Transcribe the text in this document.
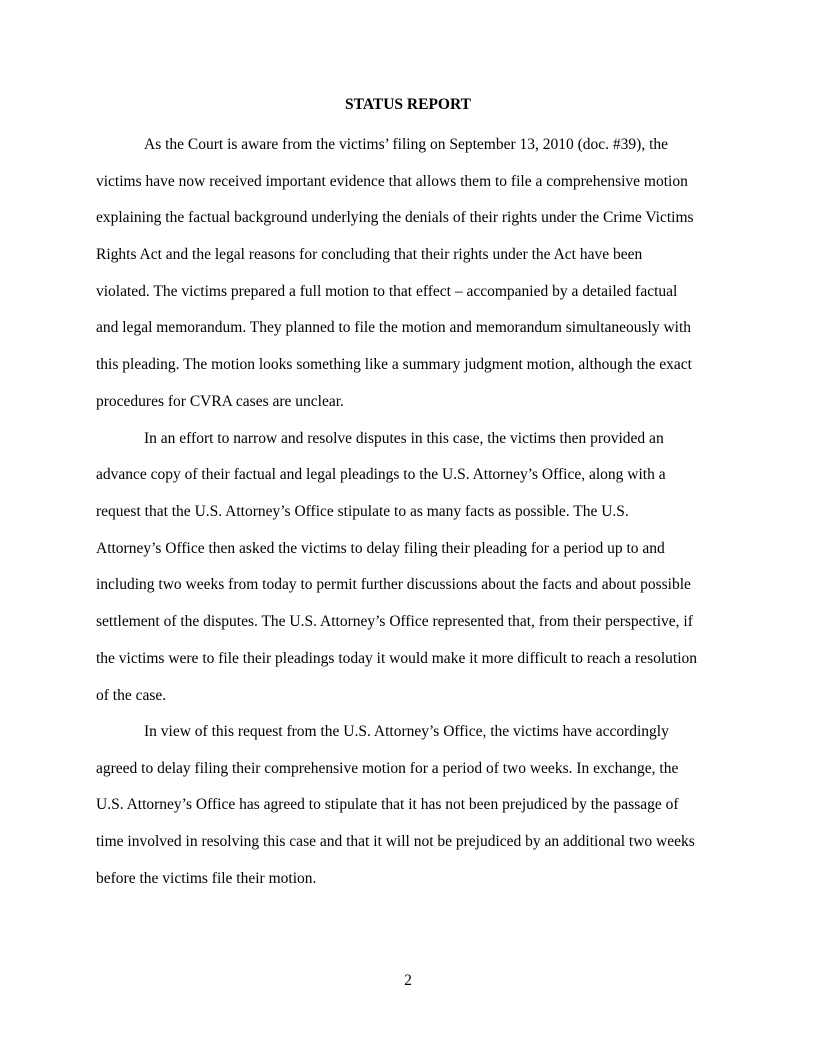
STATUS REPORT
As the Court is aware from the victims’ filing on September 13, 2010 (doc. #39), the
victims have now received important evidence that allows them to file a comprehensive motion
explaining the factual background underlying the denials of their rights under the Crime Victims
Rights Act and the legal reasons for concluding that their rights under the Act have been
violated. The victims prepared a full motion to that effect – accompanied by a detailed factual
and legal memorandum. They planned to file the motion and memorandum simultaneously with
this pleading. The motion looks something like a summary judgment motion, although the exact
procedures for CVRA cases are unclear.
In an effort to narrow and resolve disputes in this case, the victims then provided an
advance copy of their factual and legal pleadings to the U.S. Attorney’s Office, along with a
request that the U.S. Attorney’s Office stipulate to as many facts as possible. The U.S.
Attorney’s Office then asked the victims to delay filing their pleading for a period up to and
including two weeks from today to permit further discussions about the facts and about possible
settlement of the disputes. The U.S. Attorney’s Office represented that, from their perspective, if
the victims were to file their pleadings today it would make it more difficult to reach a resolution
of the case.
In view of this request from the U.S. Attorney’s Office, the victims have accordingly
agreed to delay filing their comprehensive motion for a period of two weeks. In exchange, the
U.S. Attorney’s Office has agreed to stipulate that it has not been prejudiced by the passage of
time involved in resolving this case and that it will not be prejudiced by an additional two weeks
before the victims file their motion.
2
